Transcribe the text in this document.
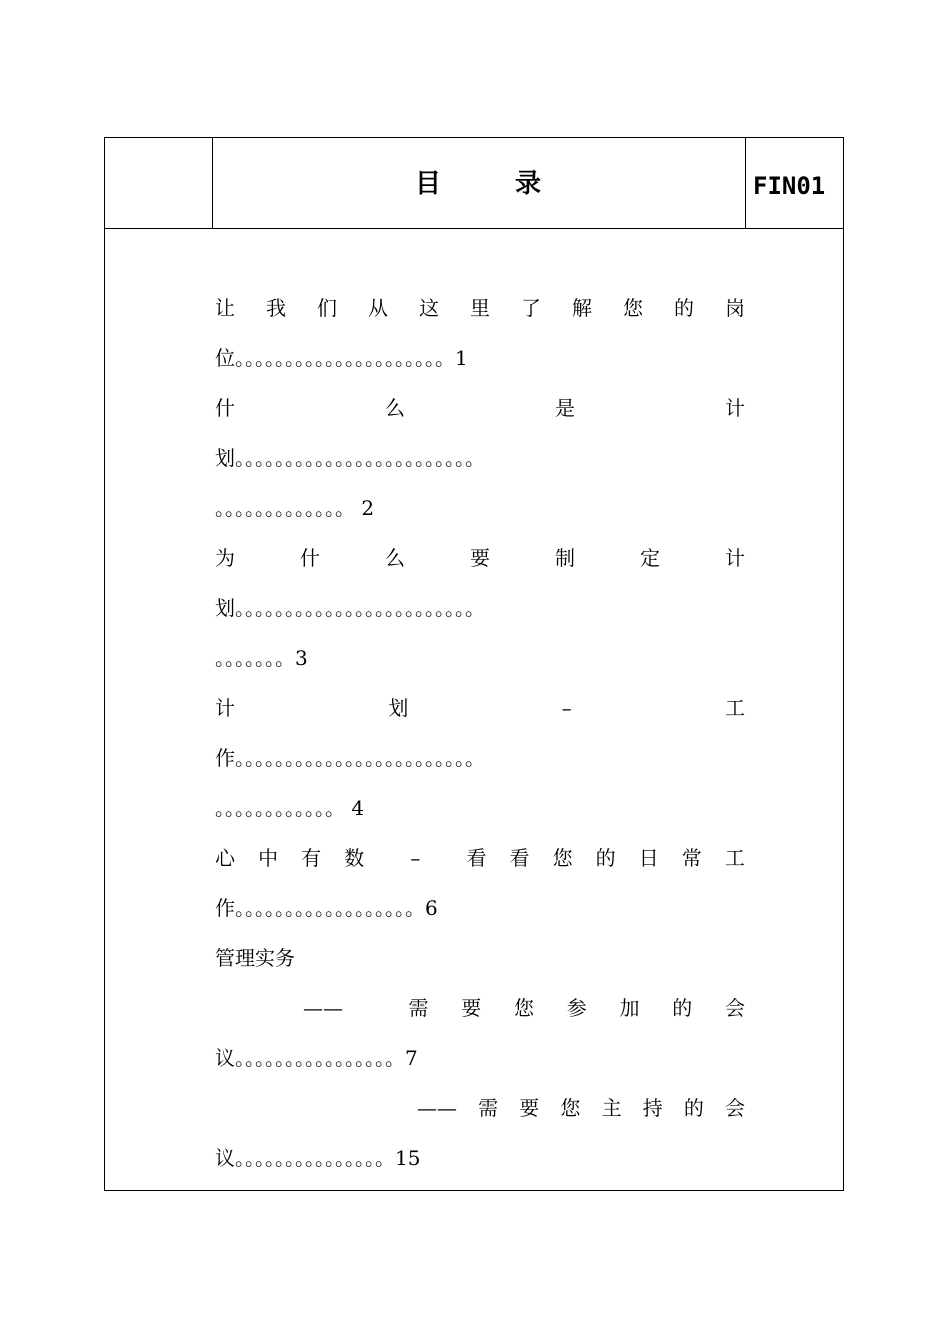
目	录	FIN01
让 我 们 从 这 里 了 解 您 的 岗
位。。。。。。。。。。。。。。。。。。。。。1
什	么	是	计
划。。。。。。。。。。。。。。。。。。。。。。。。
。。。。。。。。。。。。。 2
为	什	么	要	制	定	计
划。。。。。。。。。。。。。。。。。。。。。。。。
。。。。。。。3
计	划	–	工
作。。。。。。。。。。。。。。。。。。。。。。。。
。。。。。。。。。。。。 4
心 中 有 数 – 看 看 您 的 日 常 工
作。。。。。。。。。。。。。。。。。。6
管理实务
——	需 要 您 参 加 的 会
议。。。。。。。。。。。。。。。。7
—— 需 要 您 主 持 的 会
议。。。。。。。。。。。。。。。15
